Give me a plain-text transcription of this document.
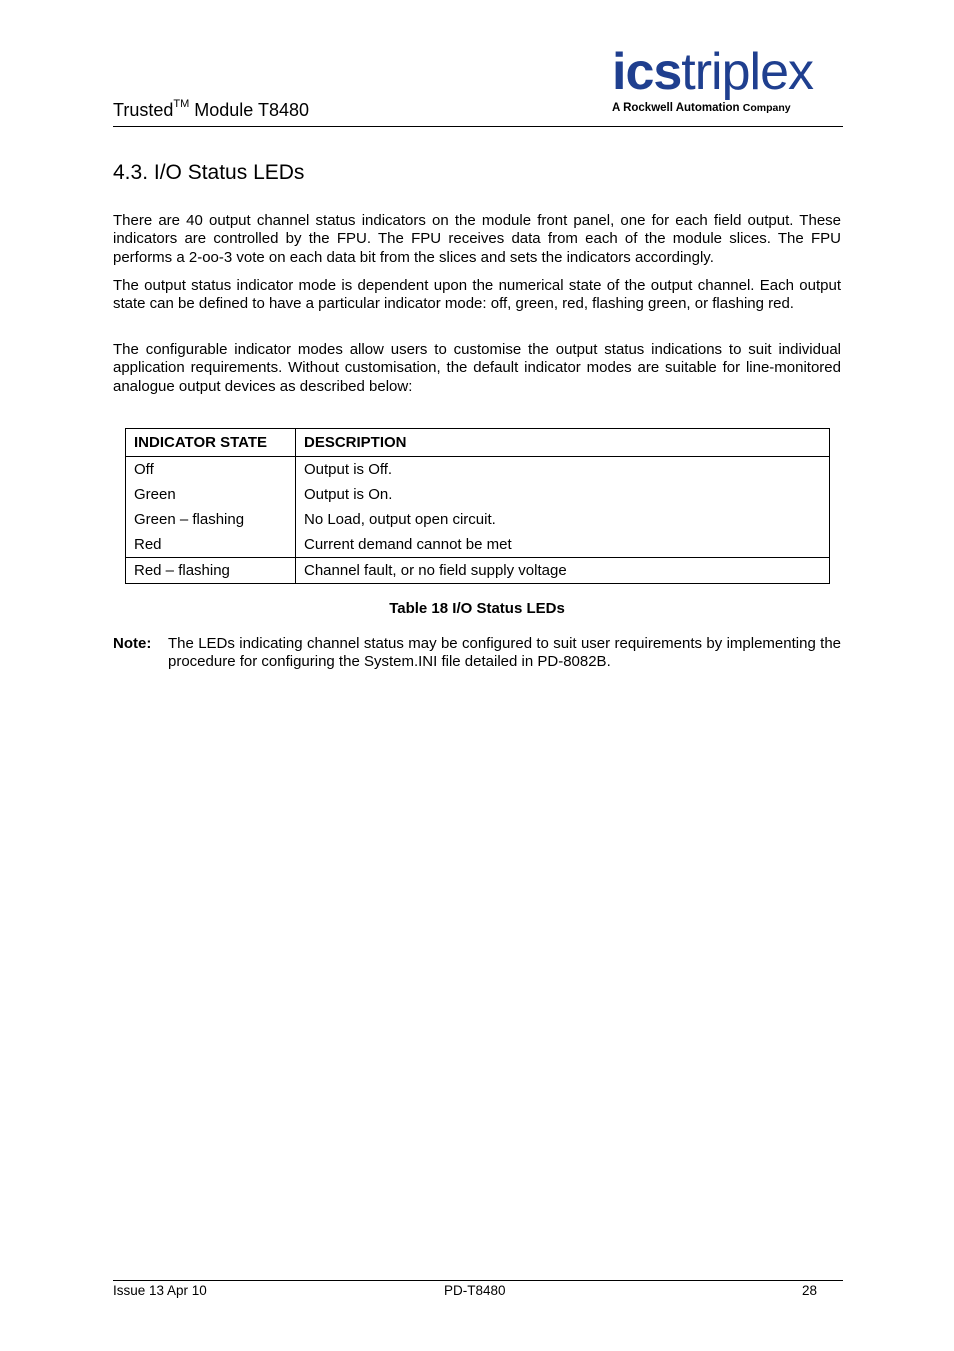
Trusted™ Module T8480
icstriplex
A Rockwell Automation Company
4.3. I/O Status LEDs
There are 40 output channel status indicators on the module front panel, one for each field output. These indicators are controlled by the FPU. The FPU receives data from each of the module slices. The FPU performs a 2-oo-3 vote on each data bit from the slices and sets the indicators accordingly.
The output status indicator mode is dependent upon the numerical state of the output channel. Each output state can be defined to have a particular indicator mode: off, green, red, flashing green, or flashing red.
The configurable indicator modes allow users to customise the output status indications to suit individual application requirements. Without customisation, the default indicator modes are suitable for line-monitored analogue output devices as described below:
INDICATOR STATE	DESCRIPTION
Off	Output is Off.
Green	Output is On.
Green – flashing	No Load, output open circuit.
Red	Current demand cannot be met
Red – flashing	Channel fault, or no field supply voltage
Table 18 I/O Status LEDs
Note: The LEDs indicating channel status may be configured to suit user requirements by implementing the procedure for configuring the System.INI file detailed in PD-8082B.
Issue 13 Apr 10	PD-T8480	28
